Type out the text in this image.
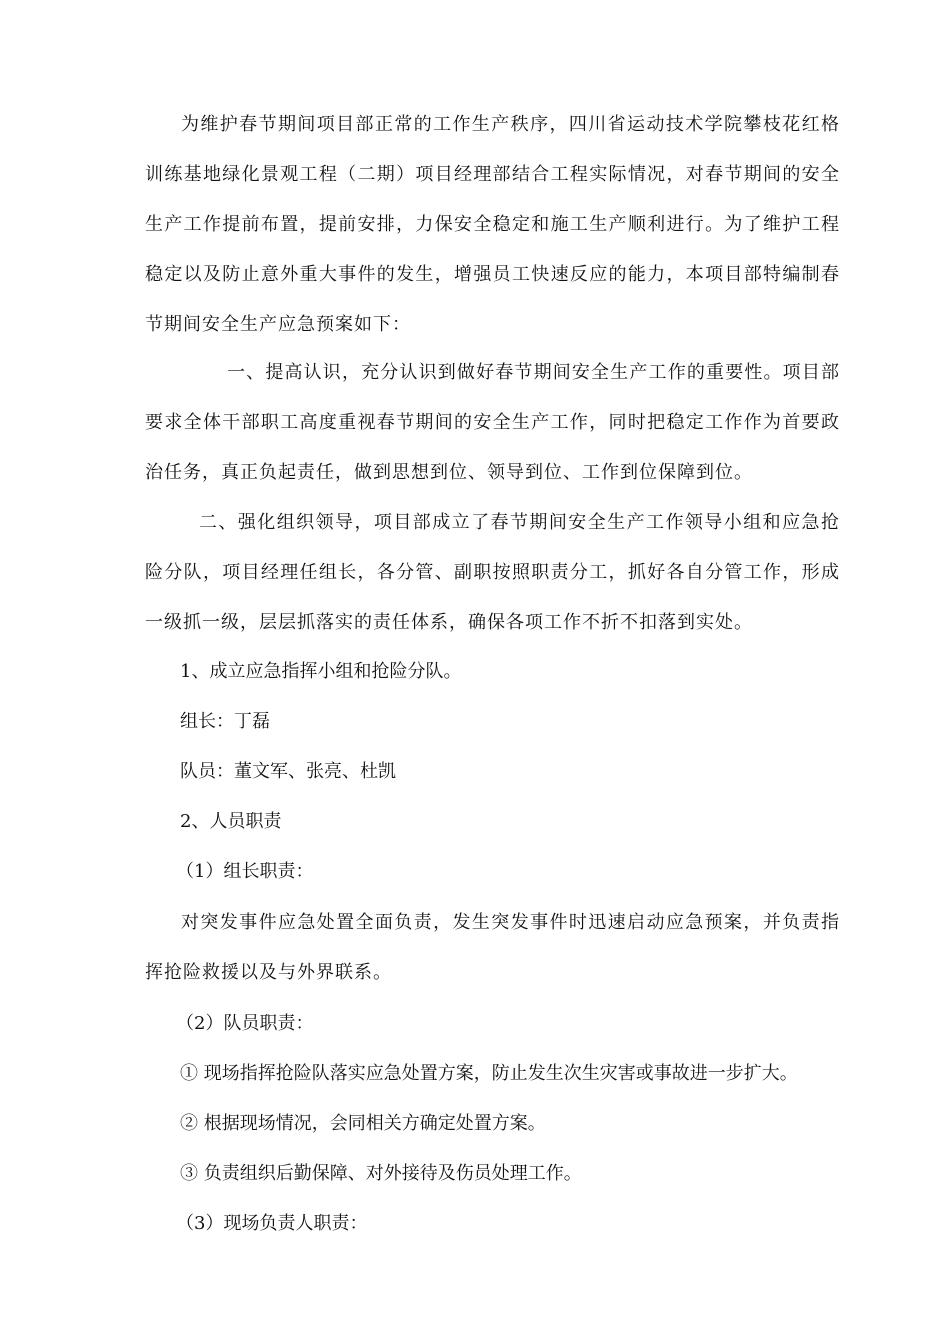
为维护春节期间项目部正常的工作生产秩序，四川省运动技术学院攀枝花红格训练基地绿化景观工程（二期）项目经理部结合工程实际情况，对春节期间的安全生产工作提前布置，提前安排，力保安全稳定和施工生产顺利进行。为了维护工程稳定以及防止意外重大事件的发生，增强员工快速反应的能力，本项目部特编制春节期间安全生产应急预案如下：
一、提高认识，充分认识到做好春节期间安全生产工作的重要性。项目部要求全体干部职工高度重视春节期间的安全生产工作，同时把稳定工作作为首要政治任务，真正负起责任，做到思想到位、领导到位、工作到位保障到位。
二、强化组织领导，项目部成立了春节期间安全生产工作领导小组和应急抢险分队，项目经理任组长，各分管、副职按照职责分工，抓好各自分管工作，形成一级抓一级，层层抓落实的责任体系，确保各项工作不折不扣落到实处。
1、成立应急指挥小组和抢险分队。
组长：丁磊
队员：董文军、张亮、杜凯
2、人员职责
（1）组长职责：
对突发事件应急处置全面负责，发生突发事件时迅速启动应急预案，并负责指挥抢险救援以及与外界联系。
（2）队员职责：
① 现场指挥抢险队落实应急处置方案，防止发生次生灾害或事故进一步扩大。
② 根据现场情况，会同相关方确定处置方案。
③ 负责组织后勤保障、对外接待及伤员处理工作。
（3）现场负责人职责：
